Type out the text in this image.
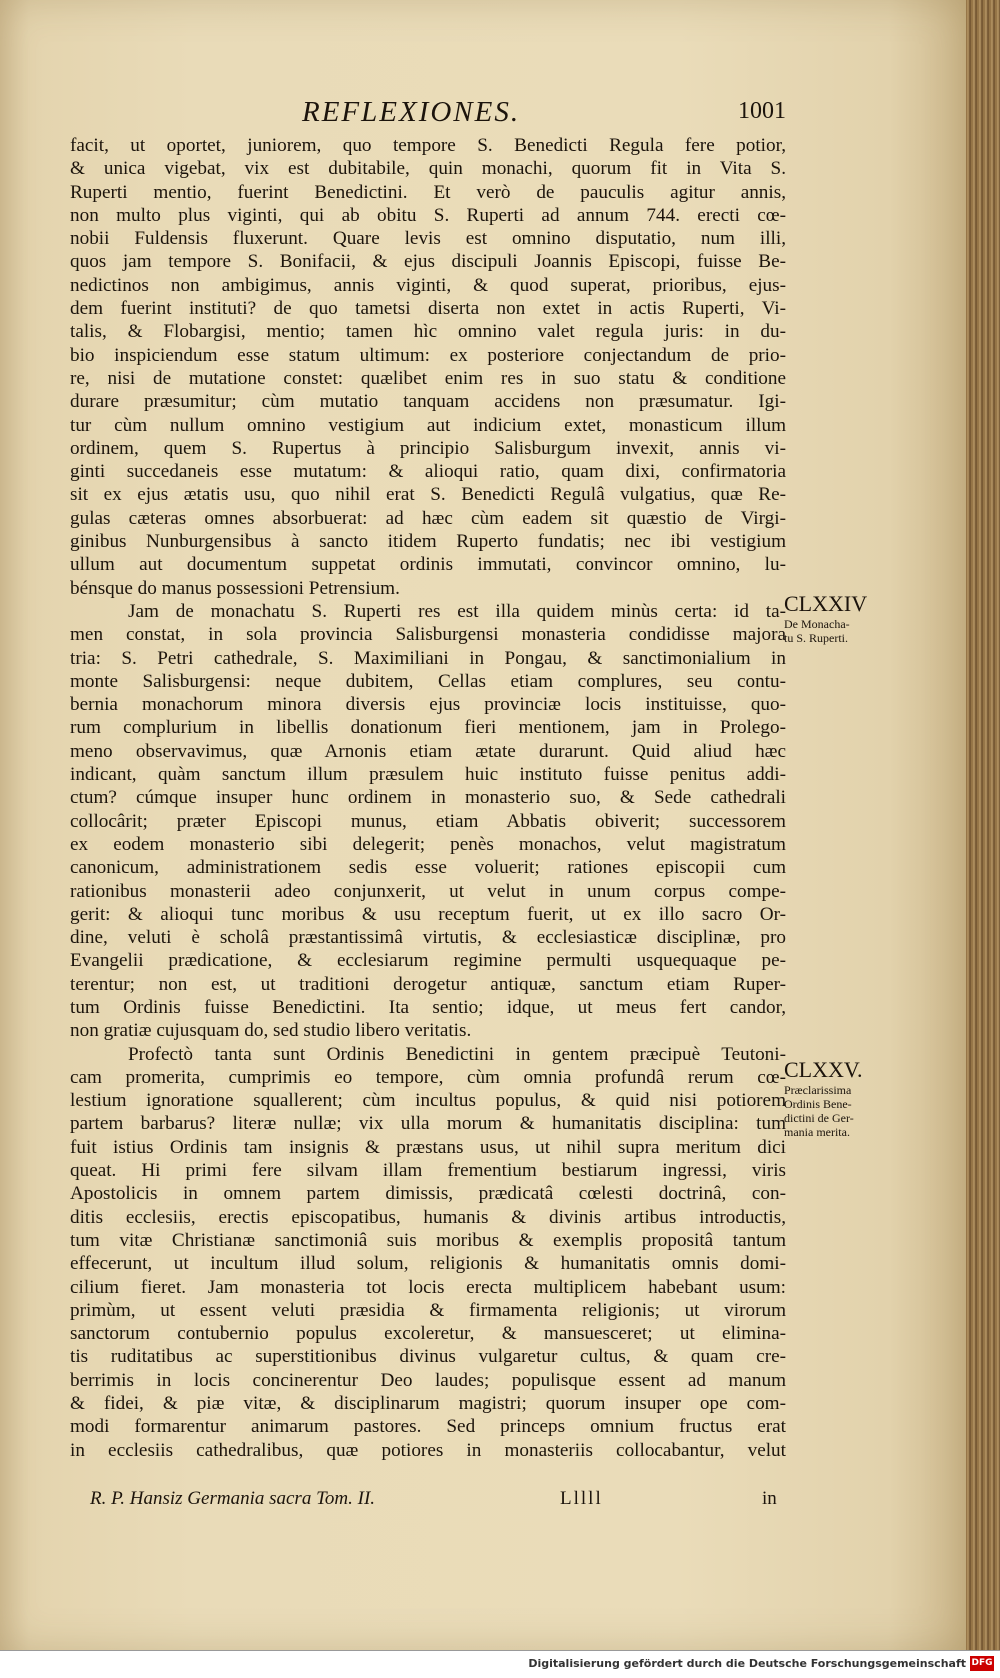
REFLEXIONES.	1001
facit, ut oportet, juniorem, quo tempore S. Benedicti Regula fere potior,
& unica vigebat, vix est dubitabile, quin monachi, quorum fit in Vita S.
Ruperti mentio, fuerint Benedictini. Et verò de pauculis agitur annis,
non multo plus viginti, qui ab obitu S. Ruperti ad annum 744. erecti cœ-
nobii Fuldensis fluxerunt. Quare levis est omnino disputatio, num illi,
quos jam tempore S. Bonifacii, & ejus discipuli Joannis Episcopi, fuisse Be-
nedictinos non ambigimus, annis viginti, & quod superat, prioribus, ejus-
dem fuerint instituti? de quo tametsi diserta non extet in actis Ruperti, Vi-
talis, & Flobargisi, mentio; tamen hìc omnino valet regula juris: in du-
bio inspiciendum esse statum ultimum: ex posteriore conjectandum de prio-
re, nisi de mutatione constet: quælibet enim res in suo statu & conditione
durare præsumitur; cùm mutatio tanquam accidens non præsumatur. Igi-
tur cùm nullum omnino vestigium aut indicium extet, monasticum illum
ordinem, quem S. Rupertus à principio Salisburgum invexit, annis vi-
ginti succedaneis esse mutatum: & alioqui ratio, quam dixi, confirmatoria
sit ex ejus ætatis usu, quo nihil erat S. Benedicti Regulâ vulgatius, quæ Re-
gulas cæteras omnes absorbuerat: ad hæc cùm eadem sit quæstio de Virgi-
ginibus Nunburgensibus à sancto itidem Ruperto fundatis; nec ibi vestigium
ullum aut documentum suppetat ordinis immutati, convincor omnino, lu-
bénsque do manus possessioni Petrensium.
Jam de monachatu S. Ruperti res est illa quidem minùs certa: id ta-
men constat, in sola provincia Salisburgensi monasteria condidisse majora
tria: S. Petri cathedrale, S. Maximiliani in Pongau, & sanctimonialium in
monte Salisburgensi: neque dubitem, Cellas etiam complures, seu contu-
bernia monachorum minora diversis ejus provinciæ locis instituisse, quo-
rum complurium in libellis donationum fieri mentionem, jam in Prolego-
meno observavimus, quæ Arnonis etiam ætate durarunt. Quid aliud hæc
indicant, quàm sanctum illum præsulem huic instituto fuisse penitus addi-
ctum? cúmque insuper hunc ordinem in monasterio suo, & Sede cathedrali
collocârit; præter Episcopi munus, etiam Abbatis obiverit; successorem
ex eodem monasterio sibi delegerit; penès monachos, velut magistratum
canonicum, administrationem sedis esse voluerit; rationes episcopii cum
rationibus monasterii adeo conjunxerit, ut velut in unum corpus compe-
gerit: & alioqui tunc moribus & usu receptum fuerit, ut ex illo sacro Or-
dine, veluti è scholâ præstantissimâ virtutis, & ecclesiasticæ disciplinæ, pro
Evangelii prædicatione, & ecclesiarum regimine permulti usquequaque pe-
terentur; non est, ut traditioni derogetur antiquæ, sanctum etiam Ruper-
tum Ordinis fuisse Benedictini. Ita sentio; idque, ut meus fert candor,
non gratiæ cujusquam do, sed studio libero veritatis.
Profectò tanta sunt Ordinis Benedictini in gentem præcipuè Teutoni-
cam promerita, cumprimis eo tempore, cùm omnia profundâ rerum cœ-
lestium ignoratione squallerent; cùm incultus populus, & quid nisi potiorem
partem barbarus? literæ nullæ; vix ulla morum & humanitatis disciplina: tum
fuit istius Ordinis tam insignis & præstans usus, ut nihil supra meritum dici
queat. Hi primi fere silvam illam frementium bestiarum ingressi, viris
Apostolicis in omnem partem dimissis, prædicatâ cœlesti doctrinâ, con-
ditis ecclesiis, erectis episcopatibus, humanis & divinis artibus introductis,
tum vitæ Christianæ sanctimoniâ suis moribus & exemplis propositâ tantum
effecerunt, ut incultum illud solum, religionis & humanitatis omnis domi-
cilium fieret. Jam monasteria tot locis erecta multiplicem habebant usum:
primùm, ut essent veluti præsidia & firmamenta religionis; ut virorum
sanctorum contubernio populus excoleretur, & mansuesceret; ut elimina-
tis ruditatibus ac superstitionibus divinus vulgaretur cultus, & quam cre-
berrimis in locis concinerentur Deo laudes; populisque essent ad manum
& fidei, & piæ vitæ, & disciplinarum magistri; quorum insuper ope com-
modi formarentur animarum pastores. Sed princeps omnium fructus erat
in ecclesiis cathedralibus, quæ potiores in monasteriis collocabantur, velut
CLXXIV
De Monacha-
tu S. Ruperti.
CLXXV.
Præclarissima
Ordinis Bene-
dictini de Ger-
mania merita.
R. P. Hansiz Germania sacra Tom. II.	Lllll	in
Digitalisierung gefördert durch die Deutsche Forschungsgemeinschaft DFG
